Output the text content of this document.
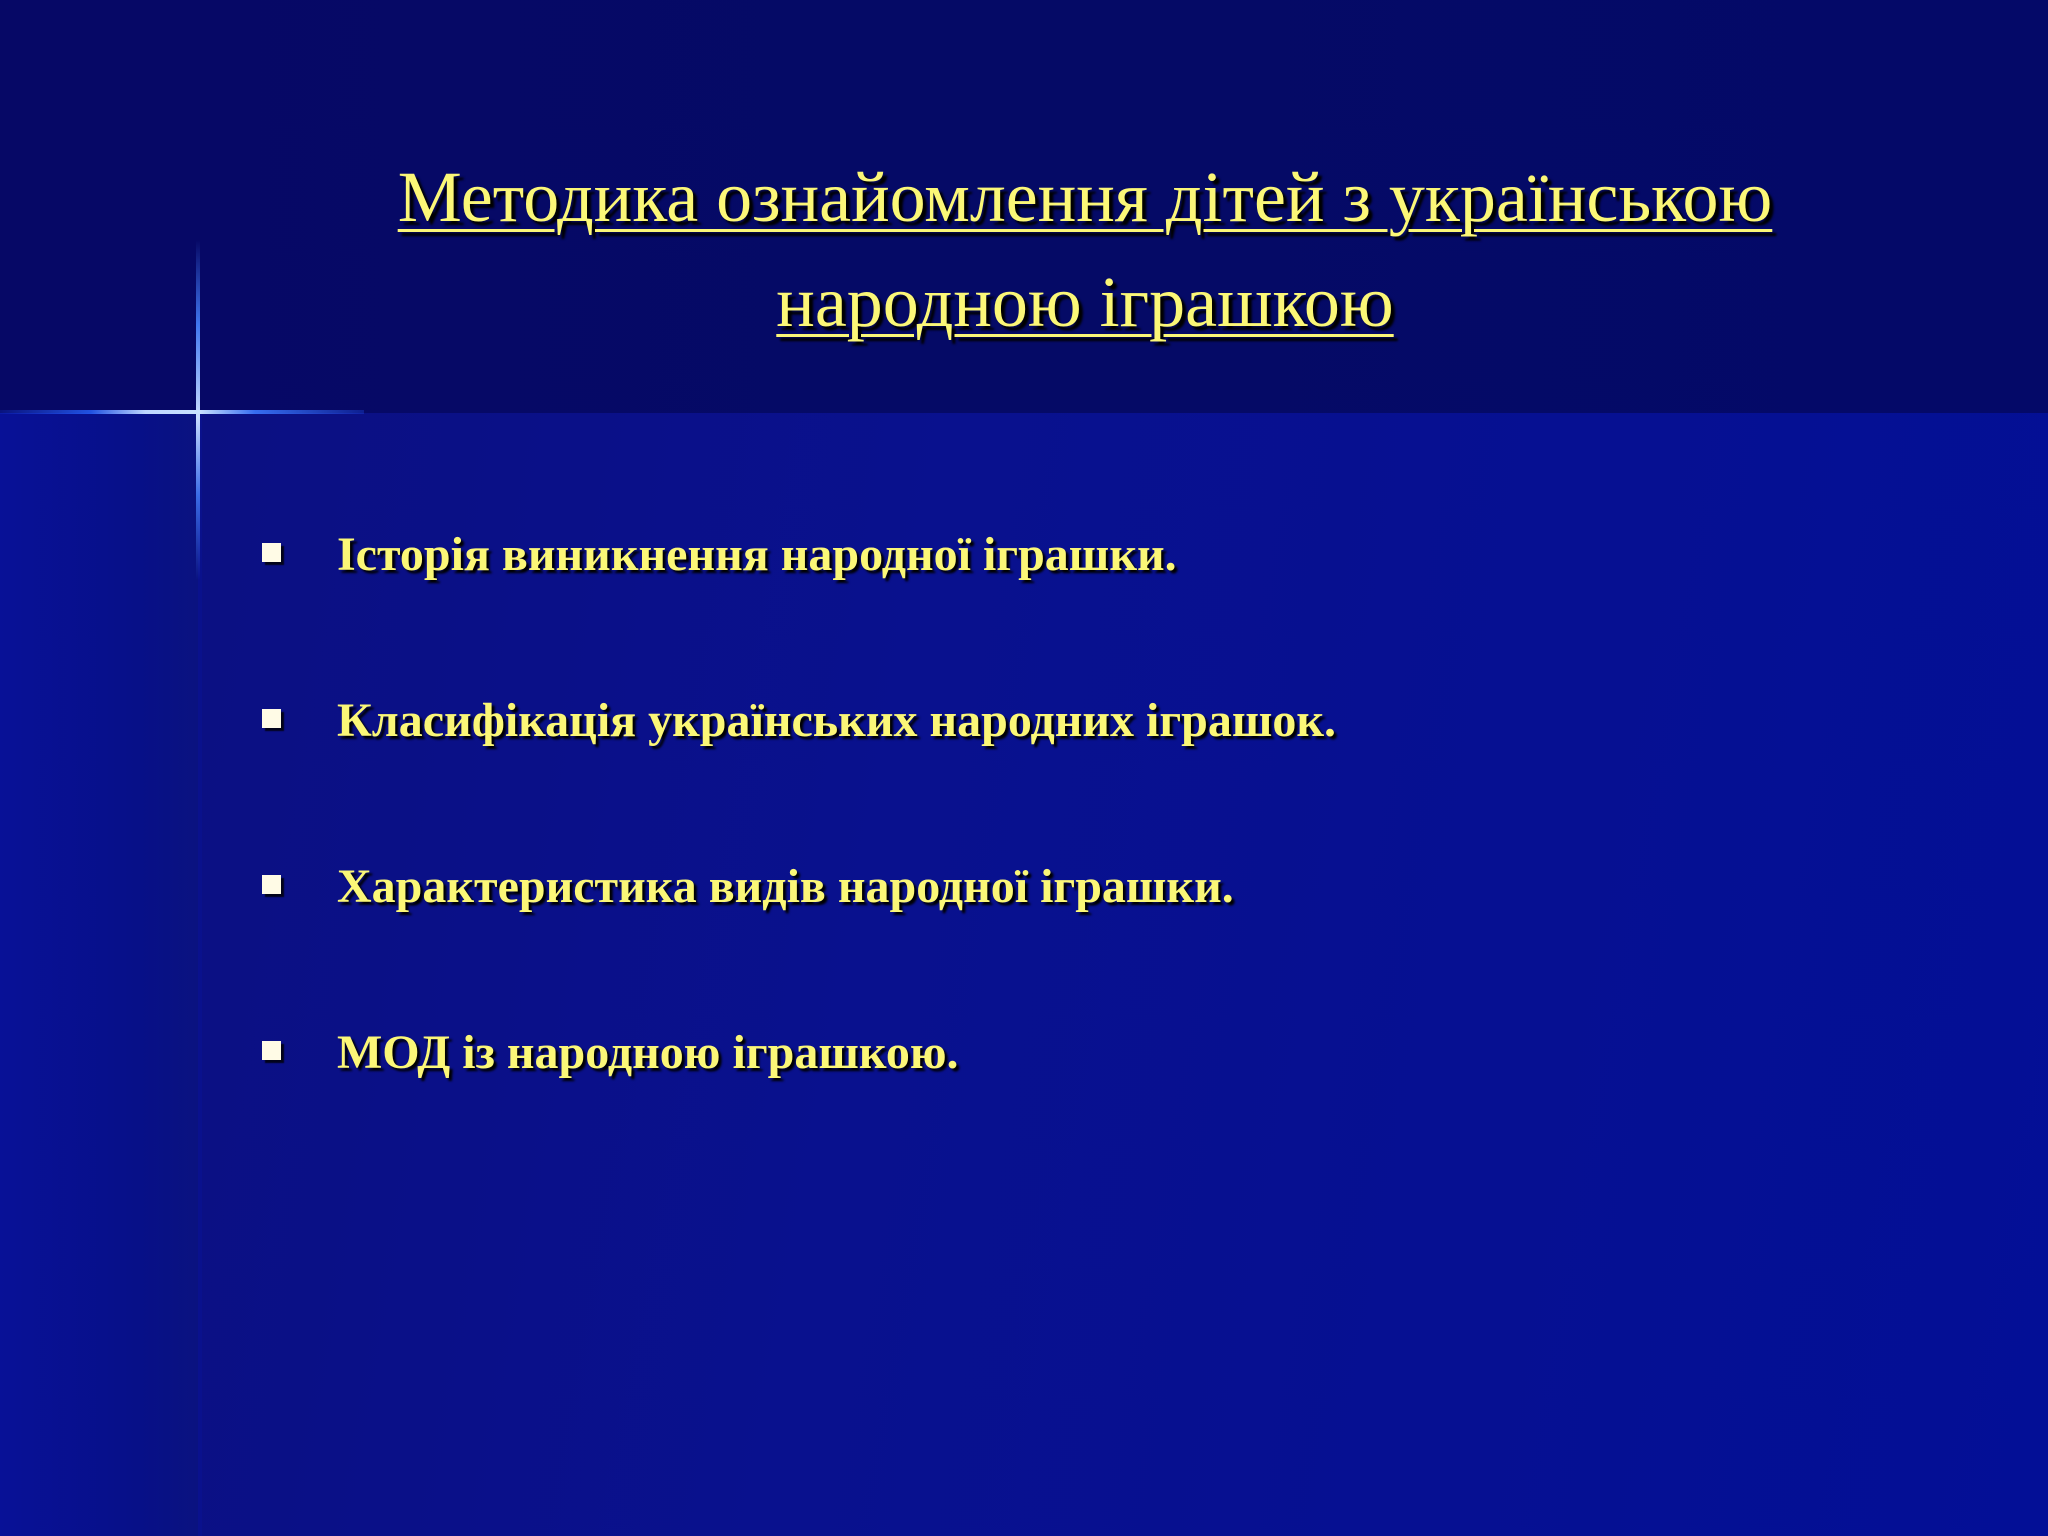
Методика ознайомлення дітей з українською
народною іграшкою
Історія виникнення народної іграшки.
Класифікація українських народних іграшок.
Характеристика видів народної іграшки.
МОД із народною іграшкою.
